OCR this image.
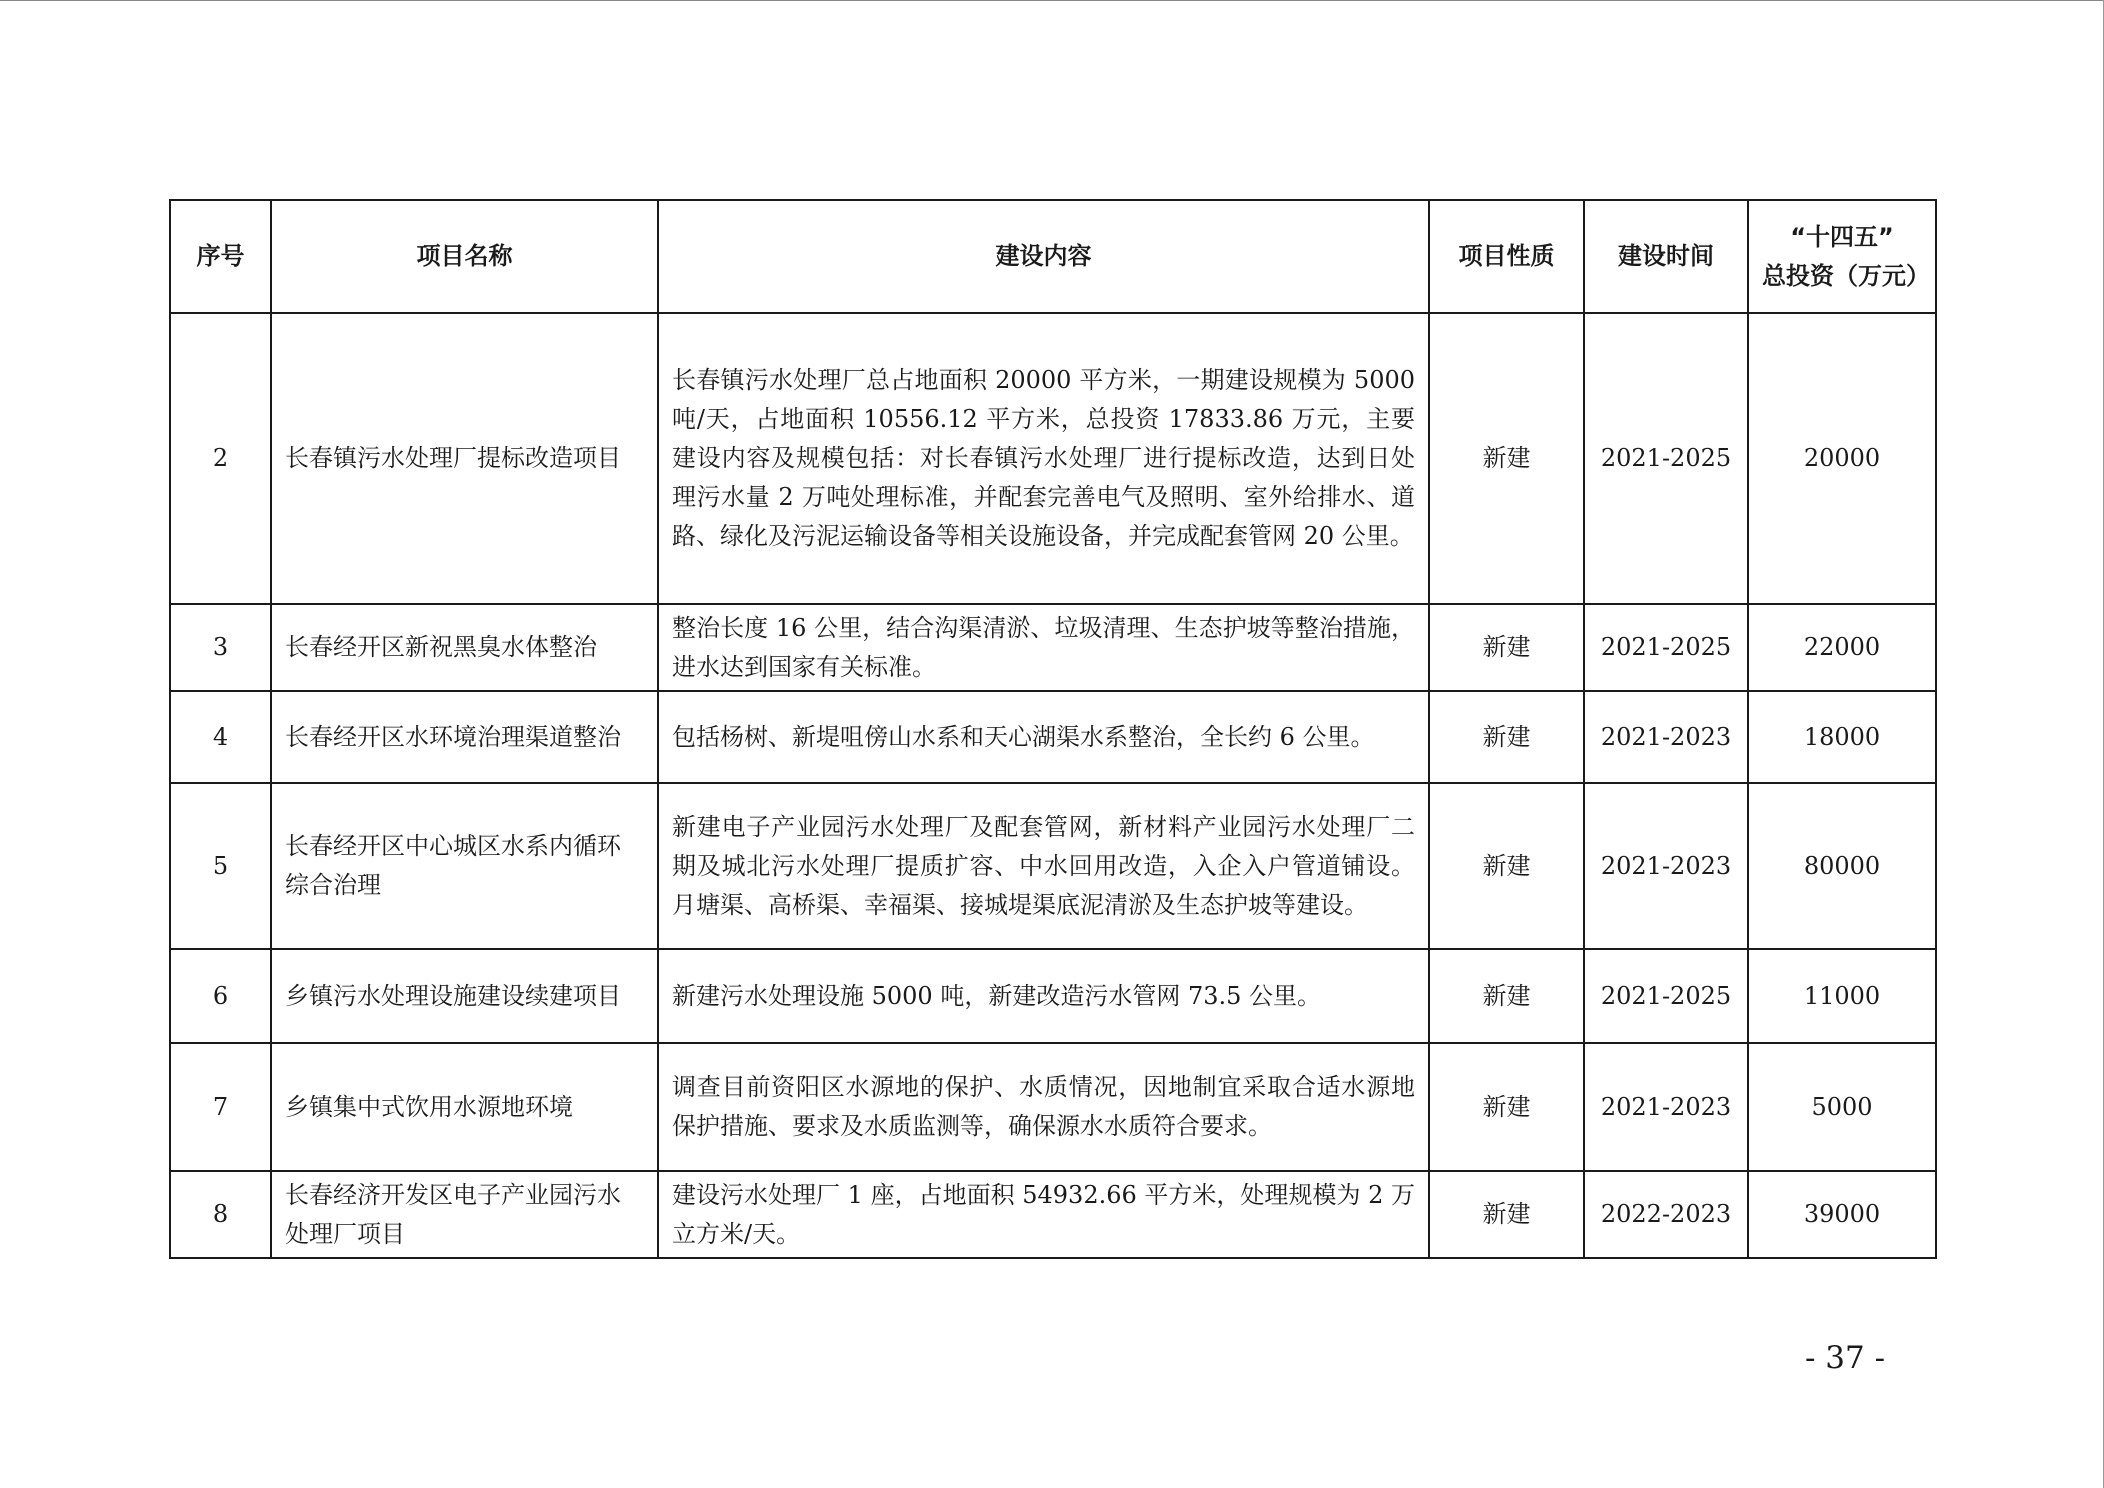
序号	项目名称	建设内容	项目性质	建设时间	“十四五”
总投资（万元）

2	长春镇污水处理厂提标改造项目	长春镇污水处理厂总占地面积 20000 平方米，一期建设规模为 5000 吨/天，占地面积 10556.12 平方米，总投资 17833.86 万元，主要建设内容及规模包括：对长春镇污水处理厂进行提标改造，达到日处理污水量 2 万吨处理标准，并配套完善电气及照明、室外给排水、道路、绿化及污泥运输设备等相关设施设备，并完成配套管网 20 公里。	新建	2021-2025	20000
3	长春经开区新祝黑臭水体整治	整治长度 16 公里，结合沟渠清淤、垃圾清理、生态护坡等整治措施，进水达到国家有关标准。	新建	2021-2025	22000
4	长春经开区水环境治理渠道整治	包括杨树、新堤咀傍山水系和天心湖渠水系整治，全长约 6 公里。	新建	2021-2023	18000
5	长春经开区中心城区水系内循环综合治理	新建电子产业园污水处理厂及配套管网，新材料产业园污水处理厂二期及城北污水处理厂提质扩容、中水回用改造，入企入户管道铺设。月塘渠、高桥渠、幸福渠、接城堤渠底泥清淤及生态护坡等建设。	新建	2021-2023	80000
6	乡镇污水处理设施建设续建项目	新建污水处理设施 5000 吨，新建改造污水管网 73.5 公里。	新建	2021-2025	11000
7	乡镇集中式饮用水源地环境	调查目前资阳区水源地的保护、水质情况，因地制宜采取合适水源地保护措施、要求及水质监测等，确保源水水质符合要求。	新建	2021-2023	5000
8	长春经济开发区电子产业园污水处理厂项目	建设污水处理厂 1 座，占地面积 54932.66 平方米，处理规模为 2 万立方米/天。	新建	2022-2023	39000
- 37 -
